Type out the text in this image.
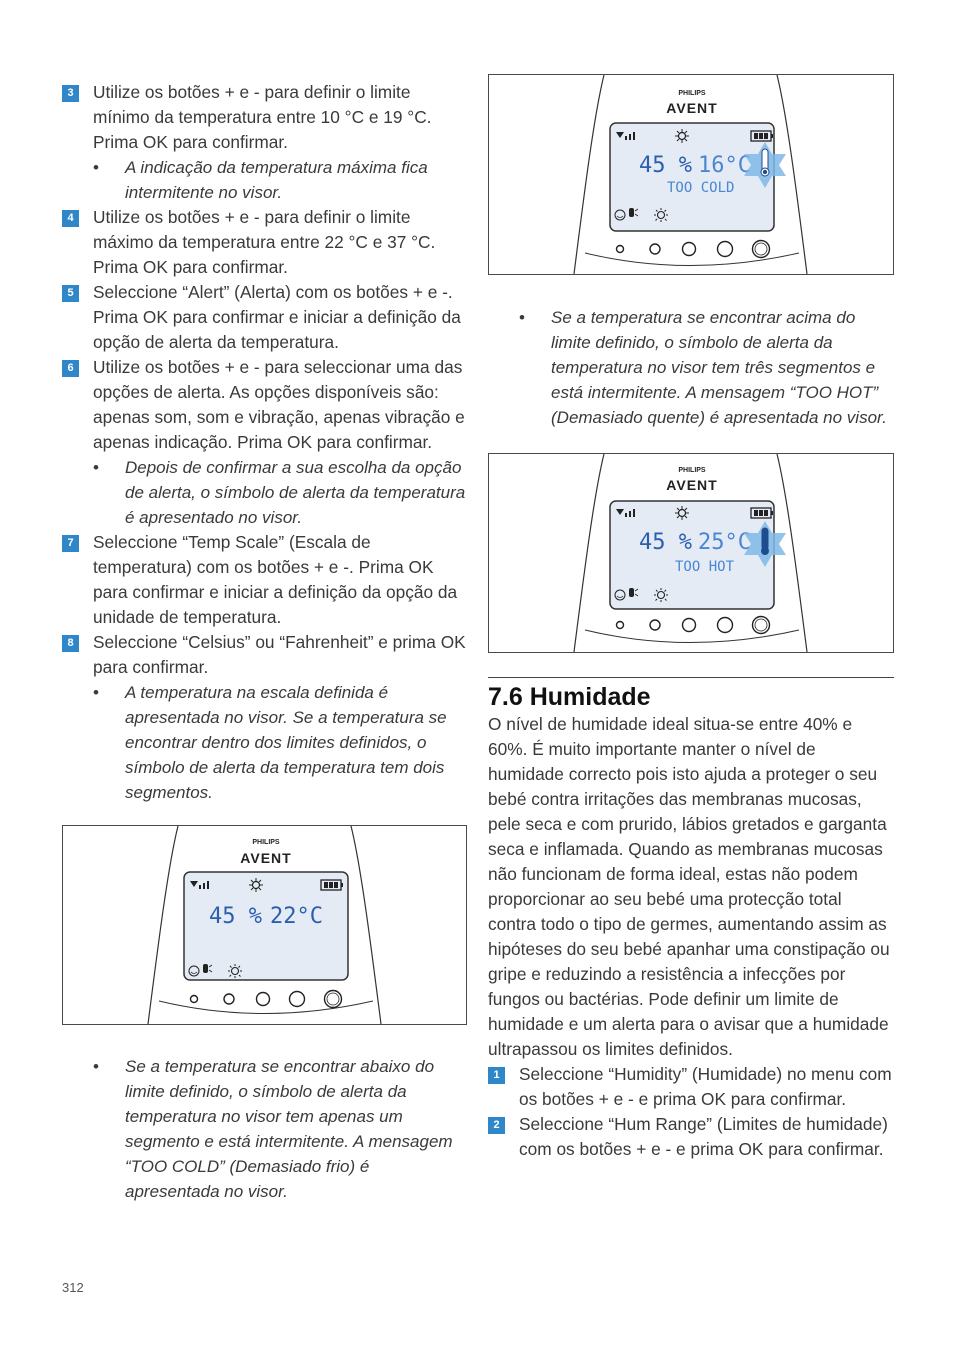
3	Utilize os botões + e - para definir o limite mínimo da temperatura entre 10 °C e 19 °C. Prima OK para confirmar.
• A indicação da temperatura máxima fica intermitente no visor.
4	Utilize os botões + e - para definir o limite máximo da temperatura entre 22 °C e 37 °C. Prima OK para confirmar.
5	Seleccione “Alert” (Alerta) com os botões + e -. Prima OK para confirmar e iniciar a definição da opção de alerta da temperatura.
6	Utilize os botões + e - para seleccionar uma das opções de alerta. As opções disponíveis são: apenas som, som e vibração, apenas vibração e apenas indicação. Prima OK para confirmar.
• Depois de confirmar a sua escolha da opção de alerta, o símbolo de alerta da temperatura é apresentado no visor.
7	Seleccione “Temp Scale” (Escala de temperatura) com os botões + e -. Prima OK para confirmar e iniciar a definição da opção da unidade de temperatura.
8	Seleccione “Celsius” ou “Fahrenheit” e prima OK para confirmar.
• A temperatura na escala definida é apresentada no visor. Se a temperatura se encontrar dentro dos limites definidos, o símbolo de alerta da temperatura tem dois segmentos.
PHILIPS
AVENT
45 % 22°C
• Se a temperatura se encontrar abaixo do limite definido, o símbolo de alerta da temperatura no visor tem apenas um segmento e está intermitente. A mensagem “TOO COLD” (Demasiado frio) é apresentada no visor.
PHILIPS
AVENT
45 % 16°C
TOO COLD
• Se a temperatura se encontrar acima do limite definido, o símbolo de alerta da temperatura no visor tem três segmentos e está intermitente. A mensagem “TOO HOT” (Demasiado quente) é apresentada no visor.
PHILIPS
AVENT
45 % 25°C
TOO HOT
7.6 Humidade
O nível de humidade ideal situa-se entre 40% e 60%. É muito importante manter o nível de humidade correcto pois isto ajuda a proteger o seu bebé contra irritações das membranas mucosas, pele seca e com prurido, lábios gretados e garganta seca e inflamada. Quando as membranas mucosas não funcionam de forma ideal, estas não podem proporcionar ao seu bebé uma protecção total contra todo o tipo de germes, aumentando assim as hipóteses do seu bebé apanhar uma constipação ou gripe e reduzindo a resistência a infecções por fungos ou bactérias. Pode definir um limite de humidade e um alerta para o avisar que a humidade ultrapassou os limites definidos.
1	Seleccione “Humidity” (Humidade) no menu com os botões + e - e prima OK para confirmar.
2	Seleccione “Hum Range” (Limites de humidade) com os botões + e - e prima OK para confirmar.
312
